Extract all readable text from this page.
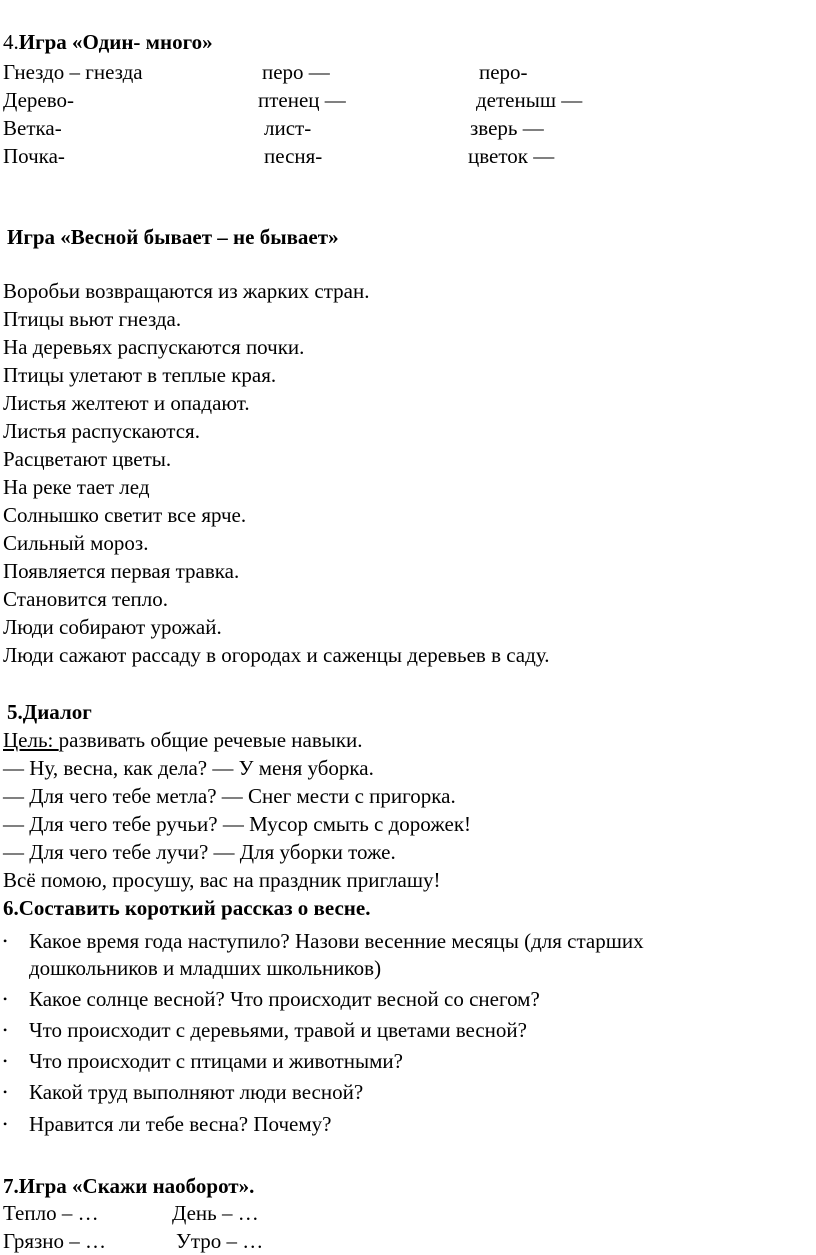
4.Игра «Один- много»
Гнездо – гнезда	перо —	перо-
Дерево-	птенец —	детеныш —
Ветка-	лист-	зверь —
Почка-	песня-	цветок —
Игра «Весной бывает – не бывает»
Воробьи возвращаются из жарких стран.
Птицы вьют гнезда.
На деревьях распускаются почки.
Птицы улетают в теплые края.
Листья желтеют и опадают.
Листья распускаются.
Расцветают цветы.
На реке тает лед
Солнышко светит все ярче.
Сильный мороз.
Появляется первая травка.
Становится тепло.
Люди собирают урожай.
Люди сажают рассаду в огородах и саженцы деревьев в саду.
5.Диалог
Цель: развивать общие речевые навыки.
— Ну, весна, как дела? — У меня уборка.
— Для чего тебе метла? — Снег мести с пригорка.
— Для чего тебе ручьи? — Мусор смыть с дорожек!
— Для чего тебе лучи? — Для уборки тоже.
Всё помою, просушу, вас на праздник приглашу!
6.Составить короткий рассказ о весне.
• Какое время года наступило? Назови весенние месяцы (для старших
дошкольников и младших школьников)
• Какое солнце весной? Что происходит весной со снегом?
• Что происходит с деревьями, травой и цветами весной?
• Что происходит с птицами и животными?
• Какой труд выполняют люди весной?
• Нравится ли тебе весна? Почему?
7.Игра «Скажи наоборот».
Тепло – …	День – …
Грязно – …	Утро – …
